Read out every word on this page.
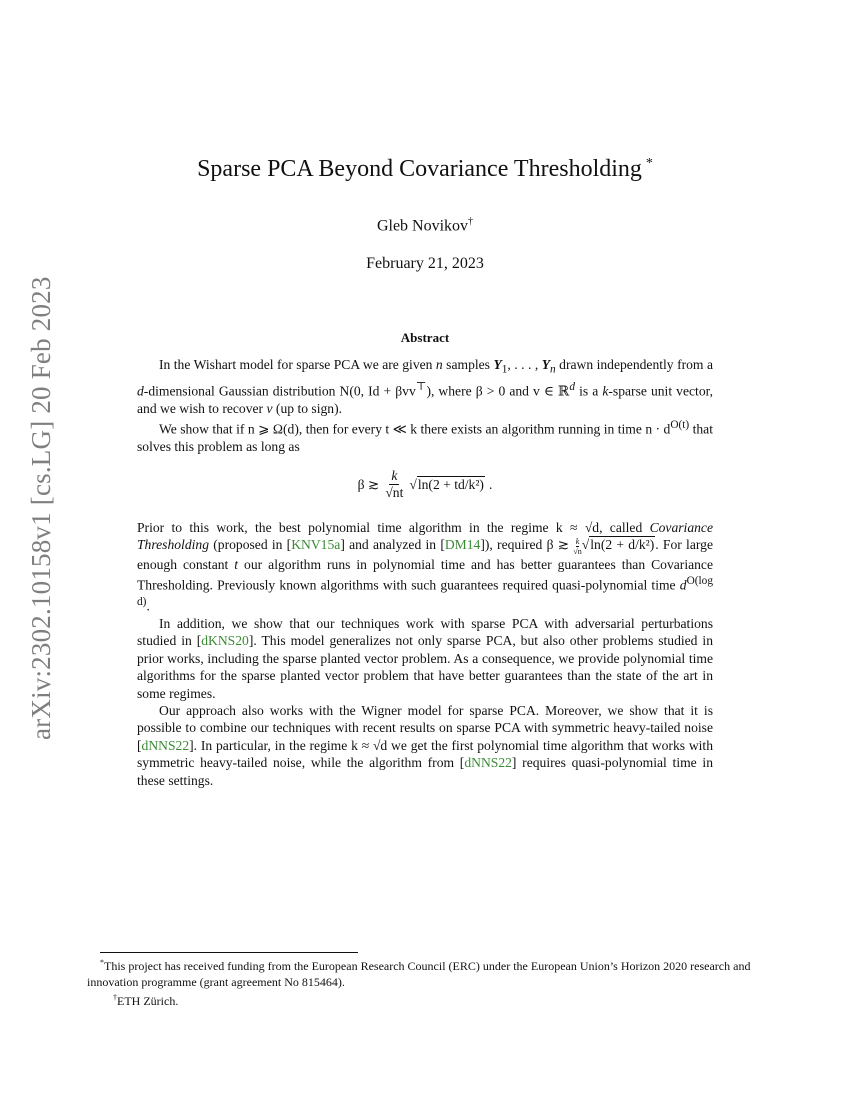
arXiv:2302.10158v1 [cs.LG] 20 Feb 2023
Sparse PCA Beyond Covariance Thresholding *
Gleb Novikov†
February 21, 2023
Abstract

In the Wishart model for sparse PCA we are given n samples $Y_1$, . . . , $Y_n$ drawn independently from a d-dimensional Gaussian distribution N(0, Id + βvv⊤), where β > 0 and v ∈ ℝ$^d$ is a k-sparse unit vector, and we wish to recover v (up to sign).

We show that if n ⩾ Ω(d), then for every t ≪ k there exists an algorithm running in time $n \cdot d^{O(t)}$ that solves this problem as long as

β ≳ $\frac{k}{√nt} √\ln(2 + td/k^2)$ .

Prior to this work, the best polynomial time algorithm in the regime k ≈ √d, called Covariance Thresholding (proposed in [KNV15a] and analyzed in [DM14]), required β ≳ $\frac{k}{√n} √\ln(2 + d/k^2)$. For large enough constant t our algorithm runs in polynomial time and has better guarantees than Covariance Thresholding. Previously known algorithms with such guarantees required quasi-polynomial time $d^{O(log d)}$.

In addition, we show that our techniques work with sparse PCA with adversarial perturbations studied in [dKNS20]. This model generalizes not only sparse PCA, but also other problems studied in prior works, including the sparse planted vector problem. As a consequence, we provide polynomial time algorithms for the sparse planted vector problem that have better guarantees than the state of the art in some regimes.

Our approach also works with the Wigner model for sparse PCA. Moreover, we show that it is possible to combine our techniques with recent results on sparse PCA with symmetric heavy-tailed noise [dNNS22]. In particular, in the regime k ≈ √d we get the first polynomial time algorithm that works with symmetric heavy-tailed noise, while the algorithm from [dNNS22] requires quasi-polynomial time in these settings.

*This project has received funding from the European Research Council (ERC) under the European Union’s Horizon 2020 research and innovation programme (grant agreement No 815464).

†ETH Zürich.
